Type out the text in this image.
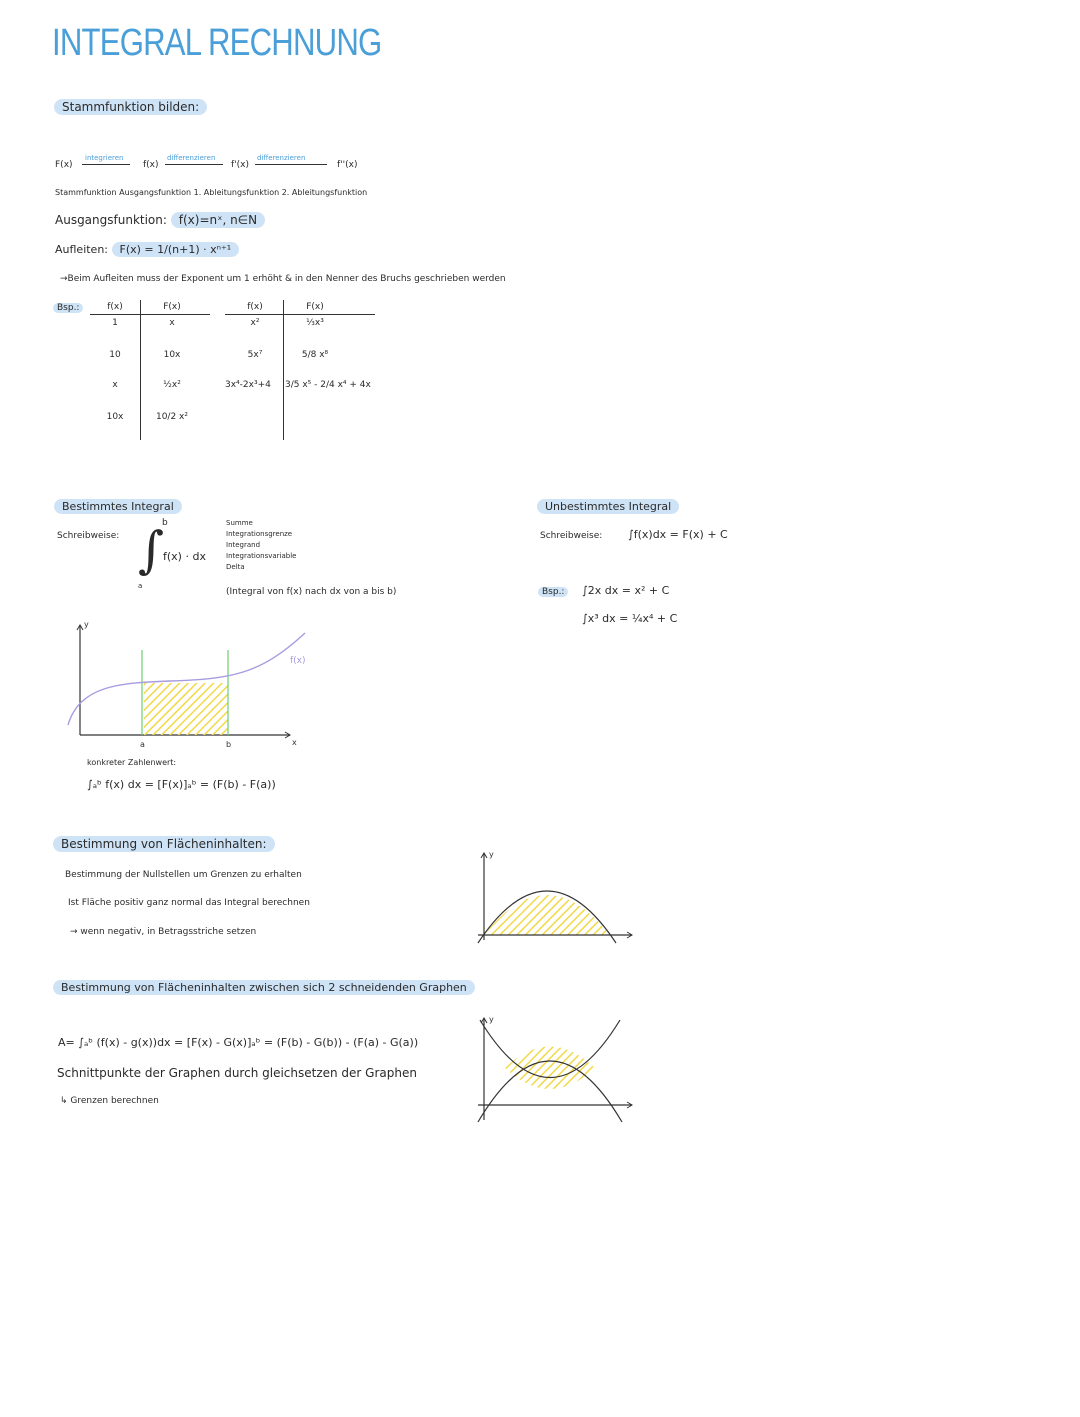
INTEGRAL RECHNUNG
Stammfunktion bilden:
F(x)
integrieren
f(x)
differenzieren
f'(x)
differenzieren
f''(x)
Stammfunktion Ausgangsfunktion 1. Ableitungsfunktion 2. Ableitungsfunktion
Ausgangsfunktion: f(x)=nˣ, n∈N
Aufleiten: F(x) = 1/(n+1) · xⁿ⁺¹
→Beim Aufleiten muss der Exponent um 1 erhöht & in den Nenner des Bruchs geschrieben werden
Bsp.:	f(x)	F(x)
1	x
10	10x
x	½x²
10x	10/2 x²
f(x)	F(x)
x²	⅓x³
5x⁷	5/8 x⁸
3x⁴-2x³+4	3/5 x⁵ - 2/4 x⁴ + 4x
Bestimmtes Integral
Schreibweise: ∫
b
a
f(x) · dx
Summe
Integrationsgrenze
Integrand
Integrationsvariable
Delta
(Integral von f(x) nach dx von a bis b)
f(x)
y
x
a	b
konkreter Zahlenwert:
∫ₐᵇ f(x) dx = [F(x)]ₐᵇ = (F(b) - F(a))
Unbestimmtes Integral
Schreibweise: ∫f(x)dx = F(x) + C
Bsp.:	∫2x dx = x² + C
∫x³ dx = ¼x⁴ + C
Bestimmung von Flächeninhalten:
Bestimmung der Nullstellen um Grenzen zu erhalten
Ist Fläche positiv ganz normal das Integral berechnen
→ wenn negativ, in Betragsstriche setzen
y
Bestimmung von Flächeninhalten zwischen sich 2 schneidenden Graphen
A= ∫ₐᵇ (f(x) - g(x))dx = [F(x) - G(x)]ₐᵇ = (F(b) - G(b)) - (F(a) - G(a))
Schnittpunkte der Graphen durch gleichsetzen der Graphen
↳ Grenzen berechnen
y
